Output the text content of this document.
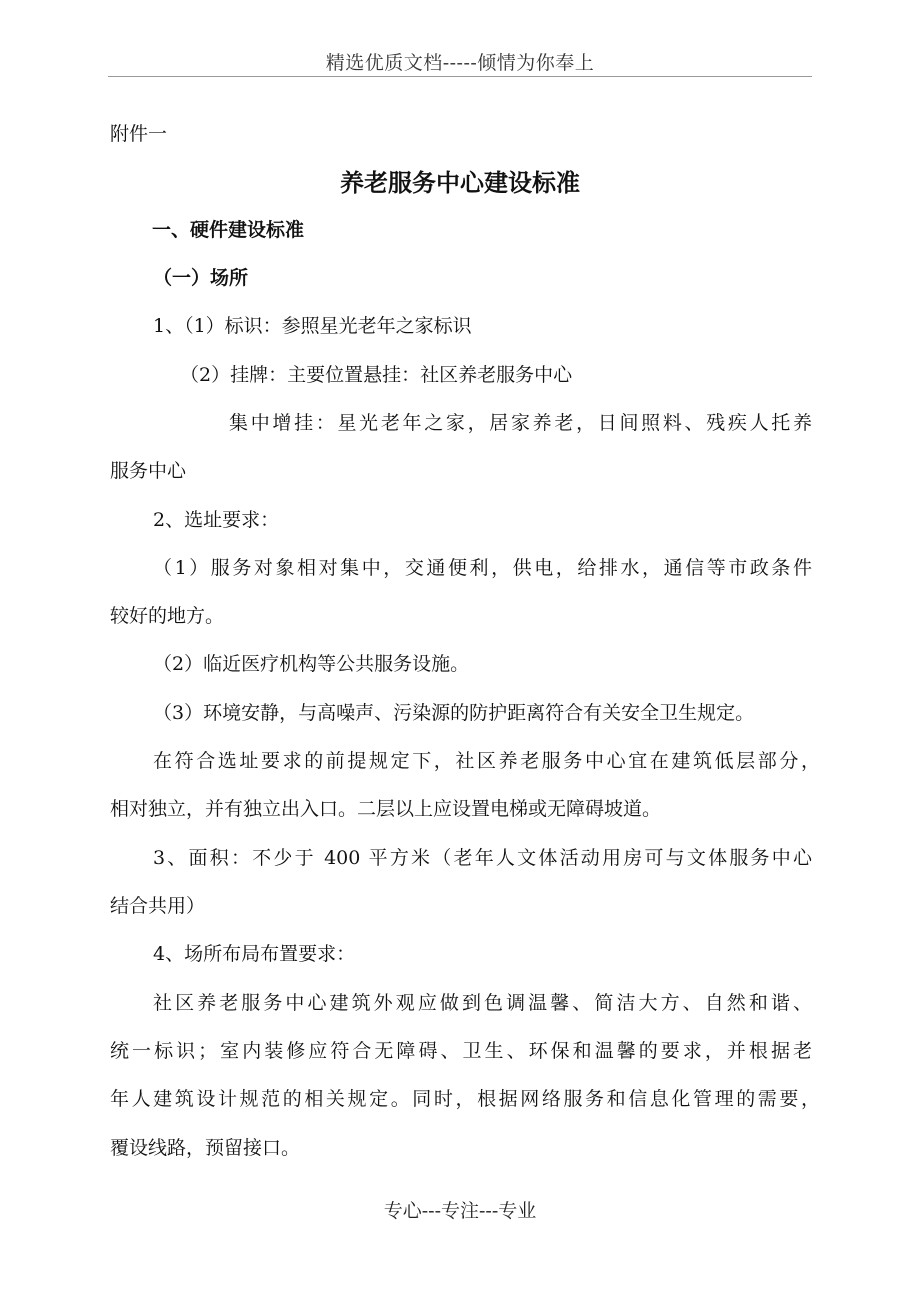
精选优质文档-----倾情为你奉上
附件一
养老服务中心建设标准
一、硬件建设标准
（一）场所
1、（1）标识：参照星光老年之家标识
（2）挂牌：主要位置悬挂：社区养老服务中心
集中增挂：星光老年之家，居家养老，日间照料、残疾人托养
服务中心
2、选址要求：
（1）服务对象相对集中，交通便利，供电，给排水，通信等市政条件
较好的地方。
（2）临近医疗机构等公共服务设施。
（3）环境安静，与高噪声、污染源的防护距离符合有关安全卫生规定。
在符合选址要求的前提规定下，社区养老服务中心宜在建筑低层部分，
相对独立，并有独立出入口。二层以上应设置电梯或无障碍坡道。
3、面积：不少于 400 平方米（老年人文体活动用房可与文体服务中心
结合共用）
4、场所布局布置要求：
社区养老服务中心建筑外观应做到色调温馨、简洁大方、自然和谐、
统一标识；室内装修应符合无障碍、卫生、环保和温馨的要求，并根据老
年人建筑设计规范的相关规定。同时，根据网络服务和信息化管理的需要，
覆设线路，预留接口。
专心---专注---专业
